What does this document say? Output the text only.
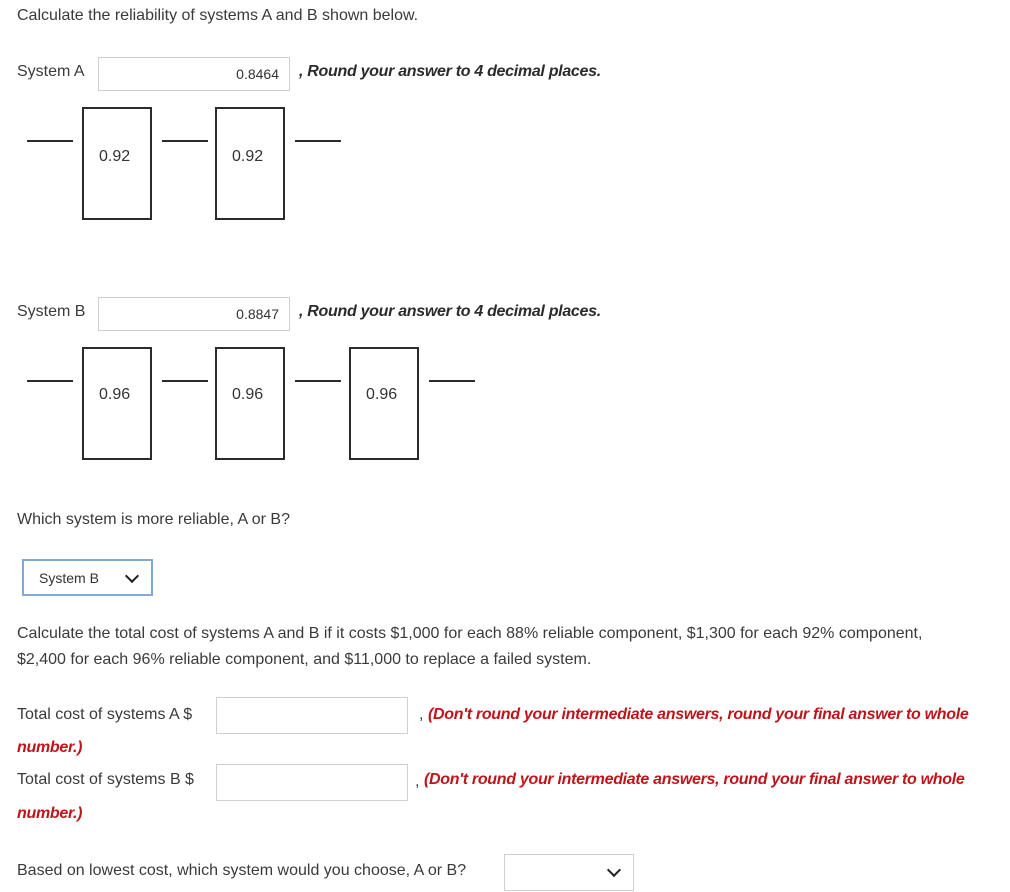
Calculate the reliability of systems A and B shown below.
System A	0.8464	, Round your answer to 4 decimal places.
0.92	0.92
System B	0.8847	, Round your answer to 4 decimal places.
0.96	0.96	0.96
Which system is more reliable, A or B?
System B
Calculate the total cost of systems A and B if it costs $1,000 for each 88% reliable component, $1,300 for each 92% component,
$2,400 for each 96% reliable component, and $11,000 to replace a failed system.
Total cost of systems A $	, (Don't round your intermediate answers, round your final answer to whole
number.)
Total cost of systems B $	, (Don't round your intermediate answers, round your final answer to whole
number.)
Based on lowest cost, which system would you choose, A or B?
